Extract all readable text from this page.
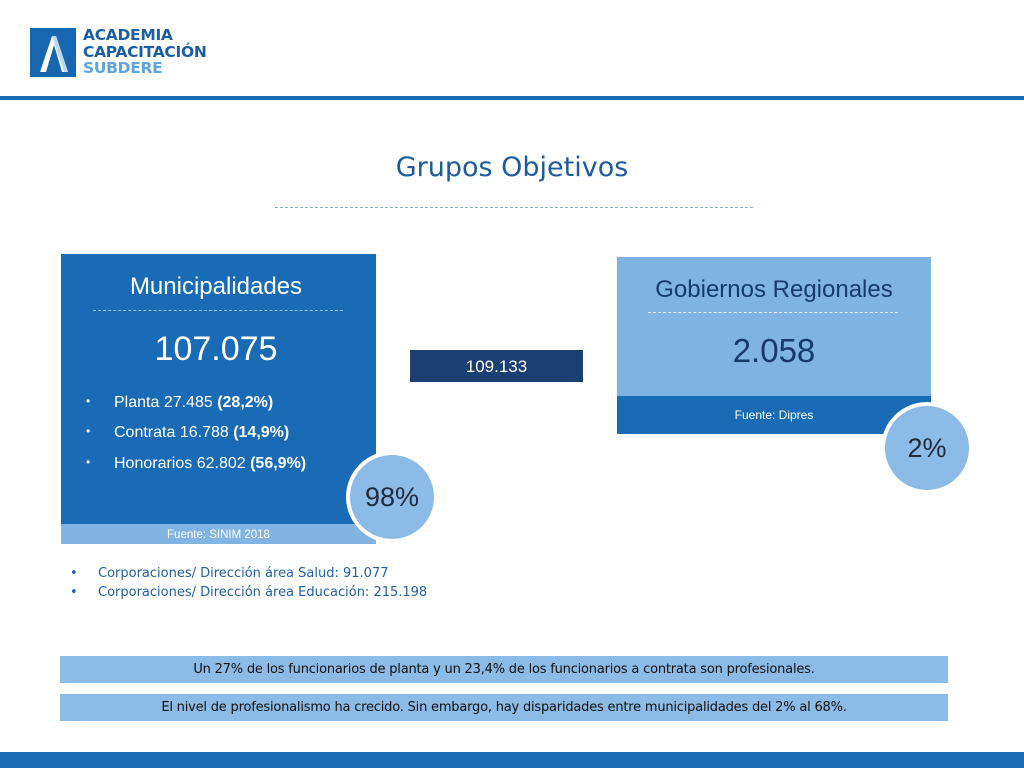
ACADEMIA
CAPACITACIÓN
SUBDERE
Grupos Objetivos
Fuente: SINIM 2018
Municipalidades
107.075
• Planta 27.485 (28,2%)
• Contrata 16.788 (14,9%)
• Honorarios 62.802 (56,9%)
109.133
Fuente: Dipres
Gobiernos Regionales
2.058
98%
2%
• Corporaciones/ Dirección área Salud: 91.077
• Corporaciones/ Dirección área Educación: 215.198
Un 27% de los funcionarios de planta y un 23,4% de los funcionarios a contrata son profesionales.
El nivel de profesionalismo ha crecido. Sin embargo, hay disparidades entre municipalidades del 2% al 68%.
